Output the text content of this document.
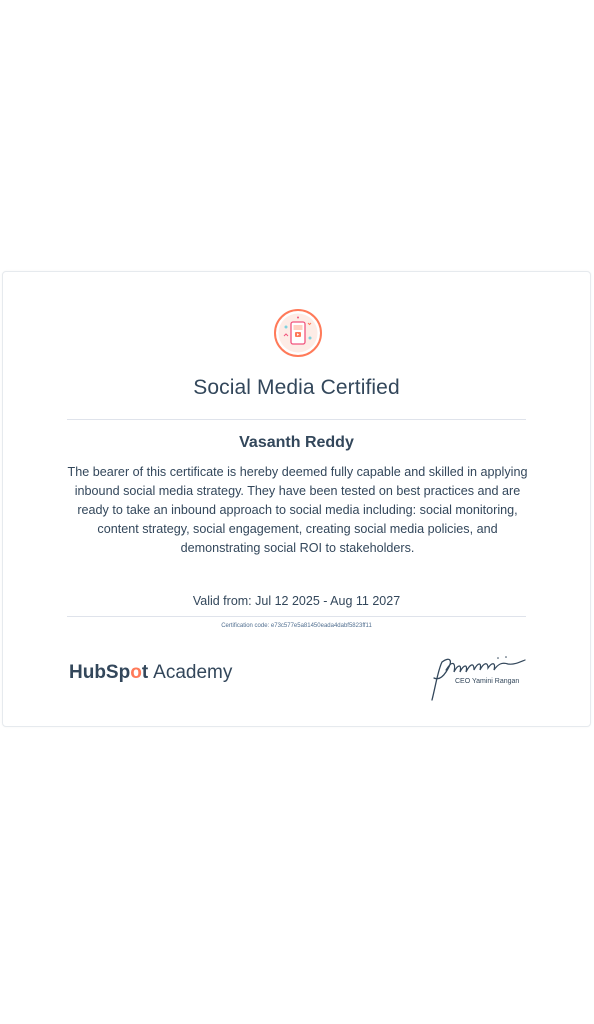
Social Media Certified
Vasanth Reddy
The bearer of this certificate is hereby deemed fully capable and skilled in applying inbound social media strategy. They have been tested on best practices and are ready to take an inbound approach to social media including: social monitoring, content strategy, social engagement, creating social media policies, and demonstrating social ROI to stakeholders.
Valid from: Jul 12 2025 - Aug 11 2027
Certification code: e73c577e5a81450eada4dabf5823ff11
HubSpot Academy	CEO Yamini Rangan
